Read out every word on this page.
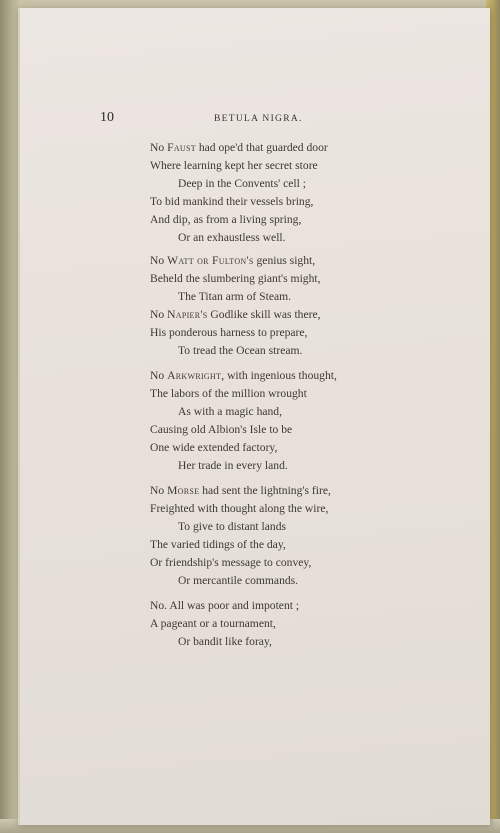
10	BETULA NIGRA.
No Faust had ope'd that guarded door
Where learning kept her secret store
Deep in the Convents' cell ;
To bid mankind their vessels bring,
And dip, as from a living spring,
Or an exhaustless well.
No Watt or Fulton's genius sight,
Beheld the slumbering giant's might,
The Titan arm of Steam.
No Napier's Godlike skill was there,
His ponderous harness to prepare,
To tread the Ocean stream.
No Arkwright, with ingenious thought,
The labors of the million wrought
As with a magic hand,
Causing old Albion's Isle to be
One wide extended factory,
Her trade in every land.
No Morse had sent the lightning's fire,
Freighted with thought along the wire,
To give to distant lands
The varied tidings of the day,
Or friendship's message to convey,
Or mercantile commands.
No. All was poor and impotent ;
A pageant or a tournament,
Or bandit like foray,
